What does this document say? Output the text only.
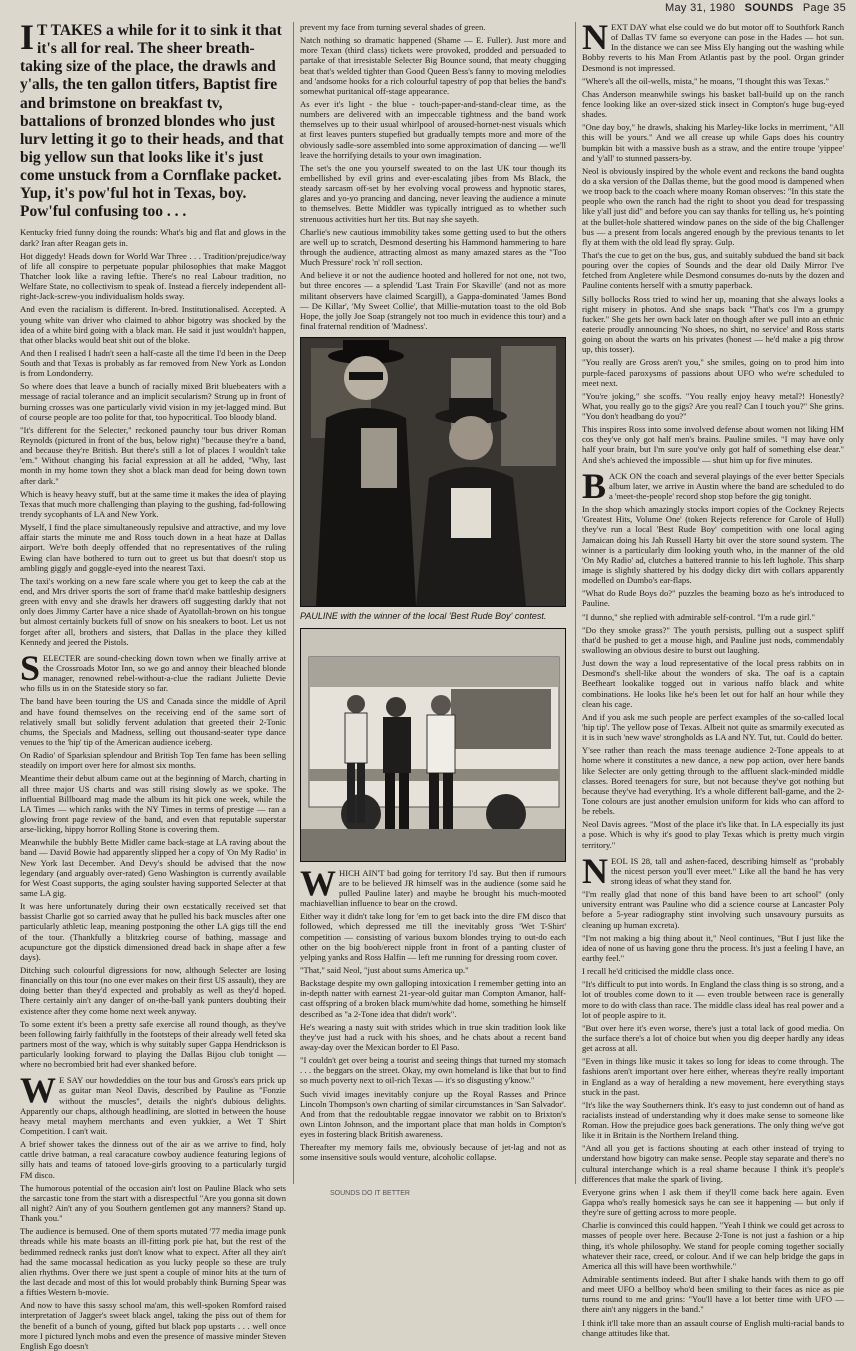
May 31, 1980 SOUNDS Page 35
I T TAKES a while for it to sink it that it's all for real. The sheer breath-taking size of the place, the drawls and y'alls, the ten gallon titfers, Baptist fire and brimstone on breakfast tv, battalions of bronzed blondes who just lurv letting it go to their heads, and that big yellow sun that looks like it's just come unstuck from a Cornflake packet. Yup, it's pow'ful hot in Texas, boy. Pow'ful confusing too . . .

Kentucky fried funny doing the rounds: What's big and flat and glows in the dark? Iran after Reagan gets in.

Hot diggedy! Heads down for World War Three . . . Tradition/prejudice/way of life all conspire to perpetuate popular philosophies that make Maggot Thatcher look like a raving leftie. There's no real Labour tradition, no Welfare State, no collectivism to speak of. Instead a fiercely independent all-right-Jack-screw-you individualism holds sway.

And even the racialism is different. In-bred. Institutionalised. Accepted. A young white van driver who claimed to abhor bigotry was shocked by the idea of a white bird going with a black man. He said it just wouldn't happen, that other blacks would beat shit out of the bloke.

And then I realised I hadn't seen a half-caste all the time I'd been in the Deep South and that Texas is probably as far removed from New York as London is from Londonderry.

So where does that leave a bunch of racially mixed Brit bluebeaters with a message of racial tolerance and an implicit secularism? Strung up in front of burning crosses was one particularly vivid vision in my jet-lagged mind. But of course people are too polite for that, too hypocritical. Too bloody bland.

"It's different for the Selecter," reckoned paunchy tour bus driver Roman Reynolds (pictured in front of the bus, below right) "because they're a band, and because they're British. But there's still a lot of places I wouldn't take 'em." Without changing his facial expression at all he added, "Why, last month in my home town they shot a black man dead for being down town after dark."

Which is heavy heavy stuff, but at the same time it makes the idea of playing Texas that much more challenging than playing to the gushing, fad-following trendy sycophants of LA and New York.

Myself, I find the place simultaneously repulsive and attractive, and my love affair starts the minute me and Ross touch down in a heat haze at Dallas airport. We're both deeply offended that no representatives of the ruling Ewing clan have bothered to turn out to greet us but that doesn't stop us ambling giggly and goggle-eyed into the nearest Taxi.

The taxi's working on a new fare scale where you get to keep the cab at the end, and Mrs driver sports the sort of frame that'd make battleship designers green with envy and she drawls her drawers off suggesting darkly that not only does Jimmy Carter have a nice shade of Ayatollah-brown on his tongue but almost certainly buckets full of snow on his sneakers to boot. Let us not forget after all, brothers and sisters, that Dallas in the place they killed Kennedy and jeered the Pistols.

SELECTER are sound-checking down town when we finally arrive at the Crossroads Motor Inn, so we go and annoy their bleached blonde manager, renowned rebel-without-a-clue the radiant Juliette Devie who fills us in on the Stateside story so far.

The band have been touring the US and Canada since the middle of April and have found themselves on the receiving end of the same sort of relatively small but solidly fervent adulation that greeted their 2-Tonic chums, the Specials and Madness, selling out thousand-seater type dance venues to the 'hip' tip of the American audience iceberg.

On Radio' of Sparksian splendour and British Top Ten fame has been selling steadily on import over here for almost six months.

Meantime their debut album came out at the beginning of March, charting in all three major US charts and was still rising slowly as we spoke. The influential Billboard mag made the album its hit pick one week, while the LA Times — which ranks with the NY Times in terms of prestige — ran a glowing front page review of the band, and even that reputable superstar arse-licking, hippy horror Rolling Stone is covering them.

Meanwhile the bubbly Bette Midler came back-stage at LA raving about the band — David Bowie had apparently slipped her a copy of 'On My Radio' in New York last December. And Devy's should be advised that the now legendary (and arguably over-rated) Geno Washington is currently available for West Coast supports, the aging soulster having supported Selecter at that same LA gig.

It was here unfortunately during their own ecstatically received set that bassist Charlie got so carried away that he pulled his back muscles after one particularly athletic leap, meaning postponing the other LA gigs till the end of the tour. (Thankfully a blitzkrieg course of bathing, massage and acupuncture got the dipstick dimensioned dread back in shape after a few days).

Ditching such colourful digressions for now, although Selecter are losing financially on this tour (no one ever makes on their first US assault), they are doing better than they'd expected and probably as well as they'd hoped. There certainly ain't any danger of on-the-ball yank punters doubting their existence after they come home next week anyway.

To some extent it's been a pretty safe exercise all round though, as they've been following fairly faithfully in the footsteps of their already well feted ska partners most of the way, which is why suitably super Gappa Hendrickson is particularly looking forward to playing the Dallas Bijou club tonight — where no becrombied brit had ever shanked before.

W E SAY our howdeddies on the tour bus and Gross's ears prick up as guitar man Neol Davis, described by Pauline as "Fonzie without the muscles", details the night's dubious delights. Apparently our chaps, although headlining, are slotted in between the house heavy metal mayhem merchants and even yukkier, a Wet T Shirt Competition. I can't wait.

A brief shower takes the dinness out of the air as we arrive to find, holy cattle drive batman, a real caracature cowboy audience featuring legions of silly hats and teams of tatooed love-girls grooving to a particularly turgid FM disco.

The humorous potential of the occasion ain't lost on Pauline Black who sets the sarcastic tone from the start with a disrespectful "Are you gonna sit down all night? Ain't any of you Southern gentlemen got any manners? Stand up. Thank you."

The audience is bemused. One of them sports mutated '77 media image punk threads while his mate boasts an ill-fitting pork pie hat, but the rest of the bedimmed redneck ranks just don't know what to expect. After all they ain't had the same mocassal hedication as you lucky people so these are truly alien rhythms. Over there we just spent a couple of minor hits at the turn of the last decade and most of this lot would probably think Burning Spear was a fifties Western b-movie.

And now to have this sassy school ma'am, this well-spoken Romford raised interpretation of Jagger's sweet black angel, taking the piss out of them for the benefit of a bunch of young, gifted but black pop upstarts . . . well once more I pictured lynch mobs and even the presence of massive minder Steven English Ego doesn't

prevent my face from turning several shades of green.

Natch nothing so dramatic happened (Shame — E. Fuller). Just more and more Texan (third class) tickets were provoked, prodded and persuaded to partake of that irresistable Selecter Big Bounce sound, that meaty chugging beat that's welded tighter than Good Queen Bess's fanny to moving melodies and 'andsome hooks for a rich colourful tapestry of pop that belies the band's somewhat puritanical off-stage appearance.

As ever it's light - the blue - touch-paper-and-stand-clear time, as the numbers are delivered with an impeccable tightness and the band work themselves up to their usual whirlpool of aroused-hornet-nest visuals which at first leaves punters stupefied but gradually tempts more and more of the obviously sadle-sore assembled into some approximation of dancing — we'll leave the horrifying details to your own imagination.

The set's the one you yourself sweated to on the last UK tour though its embellished by evil grins and ever-escalating jibes from Ms Black, the steady sarcasm off-set by her evolving vocal prowess and hypnotic stares, glares and yo-yo prancing and dancing, never leaving the audience a minute to themselves. Bette Middler was typically intrigued as to whether such strenuous activities hurt her tits. But nay she sayeth.

Charlie's new cautious immobility takes some getting used to but the others are well up to scratch, Desmond deserting his Hammond hammering to hare through the audience, attracting almost as many amazed stares as the "Too Much Pressure' rock 'n' roll section.

And believe it or not the audience hooted and hollered for not one, not two, but three encores — a splendid 'Last Train For Skaville' (and not as more militant observers have claimed Scargill), a Gappa-dominated 'James Bond — De Killar', 'My Sweet Collie', that Millie-mutation toast to the old Bob Hope, the jolly Joe Soap (strangely not too much in evidence this tour) and a final fraternal rendition of 'Madness'.

PAULINE with the winner of the local 'Best Rude Boy' contest.

WHICH AIN'T bad going for territory I'd say. But then if rumours are to be believed JR himself was in the audience (some said he pulled Pauline later) and maybe he brought his much-mooted machiavellian influence to bear on the crowd.

Either way it didn't take long for 'em to get back into the dire FM disco that followed, which depressed me till the inevitably gross 'Wet T-Shirt' competition — consisting of various buxom blondes trying to out-do each other on the big boob/erect nipple front in front of a panting cluster of yelping yanks and Ross Halfin — left me running for dressing room cover.

"That," said Neol, "just about sums America up."

Backstage despite my own galloping intoxication I remember getting into an in-depth natter with earnest 21-year-old guitar man Compton Amanor, half-cast offspring of a broken black mum/white dad home, something he himself described as "a 2-Tone idea that didn't work".

He's wearing a nasty suit with strides which in true skin tradition look like they've just had a ruck with his shoes, and he chats about a recent band away-day over the Mexican border to El Paso.

"I couldn't get over being a tourist and seeing things that turned my stomach . . . the beggars on the street. Okay, my own homeland is like that but to find so much poverty next to oil-rich Texas — it's so disgusting y'know."

Such vivid images inevitably conjure up the Royal Rasses and Prince Lincoln Thompson's own charting of similar circumstances in 'San Salvador'. And from that the redoubtable reggae innovator we rabbit on to Brixton's own Linton Johnson, and the important place that man holds in Compton's eyes in fostering black British awareness.

Thereafter my memory fails me, obviously because of jet-lag and not as some insensitive souls would venture, alcoholic collapse.

NEXT DAY what else could we do but motor off to Southfork Ranch of Dallas TV fame so everyone can pose in the Hades — hot sun. In the distance we can see Miss Ely hanging out the washing while Bobby reverts to his Man From Atlantis past by the pool. Organ grinder Desmond is not impressed.

"Where's all the oil-wells, mista," he moans, "I thought this was Texas."

Chas Anderson meanwhile swings his basket ball-build up on the ranch fence looking like an over-sized stick insect in Compton's huge bug-eyed shades.

"One day boy," he drawls, shaking his Marley-like locks in merriment, "All this will be yours." And we all crease up while Gaps does his country bumpkin bit with a massive bush as a straw, and the entire troupe 'yippee' and 'y'all' to stunned passers-by.

Neol is obviously inspired by the whole event and reckons the band oughta do a ska version of the Dallas theme, but the good mood is dampened when we troop back to the coach where moany Roman observes: "In this state the people who own the ranch had the right to shoot you dead for trespassing like y'all just did" and before you can say thanks for telling us, he's pointing at the bullet-hole shattered window panes on the side of the big Challenger bus — a present from locals angered enough by the previous tenants to let fly at them with the old lead fly spray. Gulp.

That's the cue to get on the bus, gus, and suitably subdued the band sit back pouring over the copies of Sounds and the dear old Daily Mirror I've fetched from Angletere while Desmond consumes do-nuts by the dozen and Pauline contents herself with a smutty paperback.

Silly bollocks Ross tried to wind her up, moaning that she always looks a right misery in photos. And she snaps back "That's cos I'm a grumpy fucker." She gets her own back later on though after we pull into an ethnic eaterie proudly announcing 'No shoes, no shirt, no service' and Ross starts going on about the warts on his privates (honest — he'd make a pig throw up, this tosser).

"You really are Gross aren't you," she smiles, going on to prod him into purple-faced paroxysms of passions about UFO who we're scheduled to meet next.

"You're joking," she scoffs. "You really enjoy heavy metal?! Honestly? What, you really go to the gigs? Are you real? Can I touch you?" She grins. "You don't headbang do you?"

This inspires Ross into some involved defense about women not liking HM cos they've only got half men's brains. Pauline smiles. "I may have only half your brain, but I'm sure you've only got half of something else dear." And she's achieved the impossible — shut him up for five minutes.

BACK ON the coach and several playings of the ever better Specials album later, we arrive in Austin where the band are scheduled to do a 'meet-the-people' record shop stop before the gig tonight.

In the shop which amazingly stocks import copies of the Cockney Rejects 'Greatest Hits, Volume One' (token Rejects reference for Carole of Hull) they've run a local 'Best Rude Boy' competition with one local aging Jamaican doing his Jah Russell Harty bit over the store sound system. The winner is a particularly dim looking youth who, in the manner of the old 'On My Radio' ad, clutches a battered trannie to his left lughole. This sharp image is slightly shattered by his dodgy dicky dirt with collars apparently modelled on Dumbo's ear-flaps.

"What do Rude Boys do?" puzzles the beaming bozo as he's introduced to Pauline.

"I dunno," she replied with admirable self-control. "I'm a rude girl."

"Do they smoke grass?" The youth persists, pulling out a suspect spliff that'd be pushed to get a mouse high, and Pauline just nods, commendably swallowing an obvious desire to burst out laughing.

Just down the way a loud representative of the local press rabbits on in Desmond's shell-like about the wonders of ska. The oaf is a captain Beefheart lookalike togged out in various naffo black and white combinations. He looks like he's been let out for half an hour while they clean his cage.

And if you ask me such people are perfect examples of the so-called local 'hip tip'. The yellow pose of Texas. Albeit not quite as smarmily executed as it is in such 'new wave' strongholds as LA and NY. Tut, tut. Could do better.

Y'see rather than reach the mass teenage audience 2-Tone appeals to at home where it constitutes a new dance, a new pop action, over here bands like Selecter are only getting through to the affluent slack-minded middle classes. Bored teenagers for sure, but not because they've got nothing but because they've had everything. It's a whole different ball-game, and the 2-Tone colours are just another emulsion uniform for kids who can afford to be rebels.

Neol Davis agrees. "Most of the place it's like that. In LA especially its just a pose. Which is why it's good to play Texas which is pretty much virgin territory."

NEOL IS 28, tall and ashen-faced, describing himself as "probably the nicest person you'll ever meet." Like all the band he has very strong ideas of what they stand for.

"I'm really glad that none of this band have been to art school" (only university entrant was Pauline who did a science course at Lancaster Poly before a 5-year radiography stint involving such unsavoury pursuits as cleaning up human excreta).

"I'm not making a big thing about it," Neol continues, "But I just like the idea of none of us having gone thru the process. It's just a feeling I have, an earthy feel."

I recall he'd criticised the middle class once.

"It's difficult to put into words. In England the class thing is so strong, and a lot of troubles come down to it — even trouble between race is generally more to do with class than race. The middle class ideal has real power and a lot of people aspire to it.

"But over here it's even worse, there's just a total lack of good media. On the surface there's a lot of choice but when you dig deeper hardly any ideas get across at all.

"Even in things like music it takes so long for ideas to come through. The fashions aren't important over here either, whereas they're really important in England as a way of heralding a new movement, here everything stays stuck in the past.

"It's like the way Southerners think. It's easy to just condemn out of hand as racialists instead of understanding why it does make sense to someone like Roman. How the prejudice goes back generations. The only thing we've got like it in Britain is the Northern Ireland thing.

"And all you get is factions shouting at each other instead of trying to understand how bigotry can make sense. People stay separate and there's no cultural interchange which is a real shame because I think it's people's differences that make the spark of living.

Everyone grins when I ask them if they'll come back here again. Even Gappa who's really homesick says he can see it happening — but only if they're sure of getting across to more people.

Charlie is convinced this could happen. "Yeah I think we could get across to masses of people over here. Because 2-Tone is not just a fashion or a hip thing, it's whole philosophy. We stand for people coming together socially whatever their race, creed, or colour. And if we can help bridge the gaps in America all this will have been worthwhile."

Admirable sentiments indeed. But after I shake hands with them to go off and meet UFO a bellboy who'd been smiling to their faces as nice as pie turns round to me and grins: "You'll have a lot better time with UFO — there ain't any niggers in the band."

I think it'll take more than an assault course of English multi-racial bands to change attitudes like that.

SOUNDS DO IT BETTER
